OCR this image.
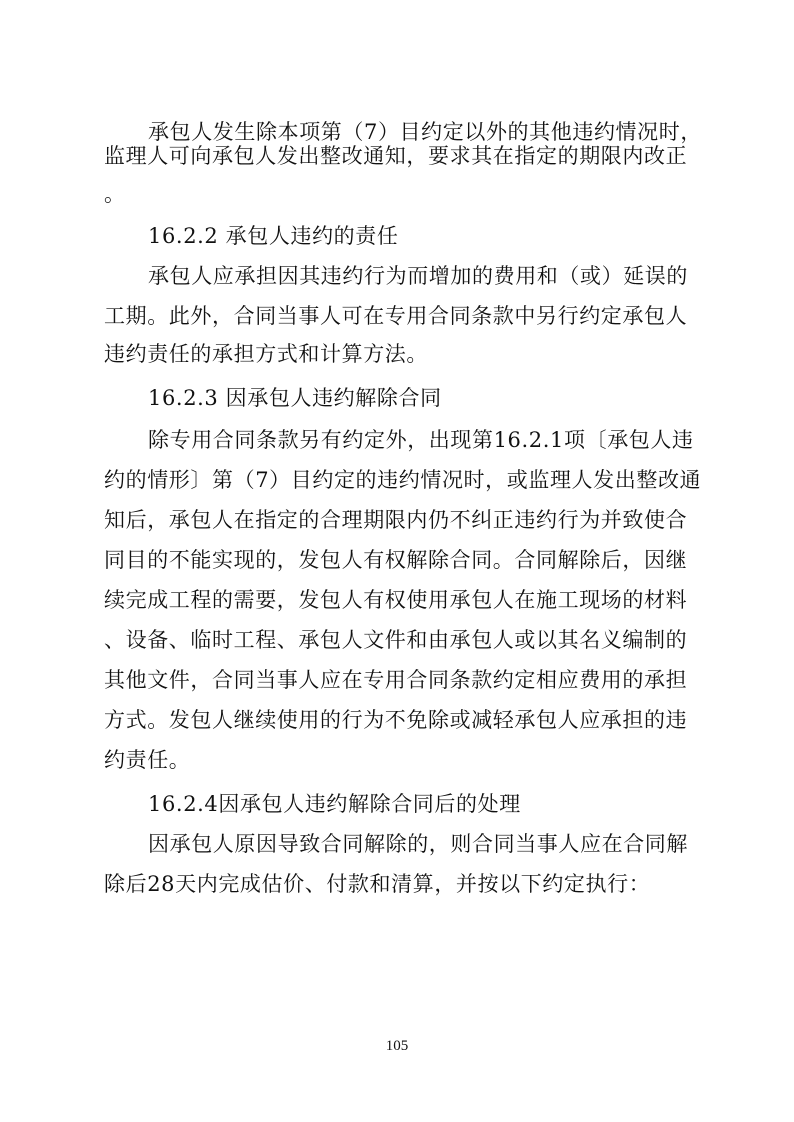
承包人发生除本项第（7）目约定以外的其他违约情况时，
监理人可向承包人发出整改通知，要求其在指定的期限内改正
。
16.2.2 承包人违约的责任
承包人应承担因其违约行为而增加的费用和（或）延误的
工期。此外，合同当事人可在专用合同条款中另行约定承包人
违约责任的承担方式和计算方法。
16.2.3 因承包人违约解除合同
除专用合同条款另有约定外，出现第16.2.1项〔承包人违
约的情形〕第（7）目约定的违约情况时，或监理人发出整改通
知后，承包人在指定的合理期限内仍不纠正违约行为并致使合
同目的不能实现的，发包人有权解除合同。合同解除后，因继
续完成工程的需要，发包人有权使用承包人在施工现场的材料
、设备、临时工程、承包人文件和由承包人或以其名义编制的
其他文件，合同当事人应在专用合同条款约定相应费用的承担
方式。发包人继续使用的行为不免除或减轻承包人应承担的违
约责任。
16.2.4因承包人违约解除合同后的处理
因承包人原因导致合同解除的，则合同当事人应在合同解
除后28天内完成估价、付款和清算，并按以下约定执行：
105
